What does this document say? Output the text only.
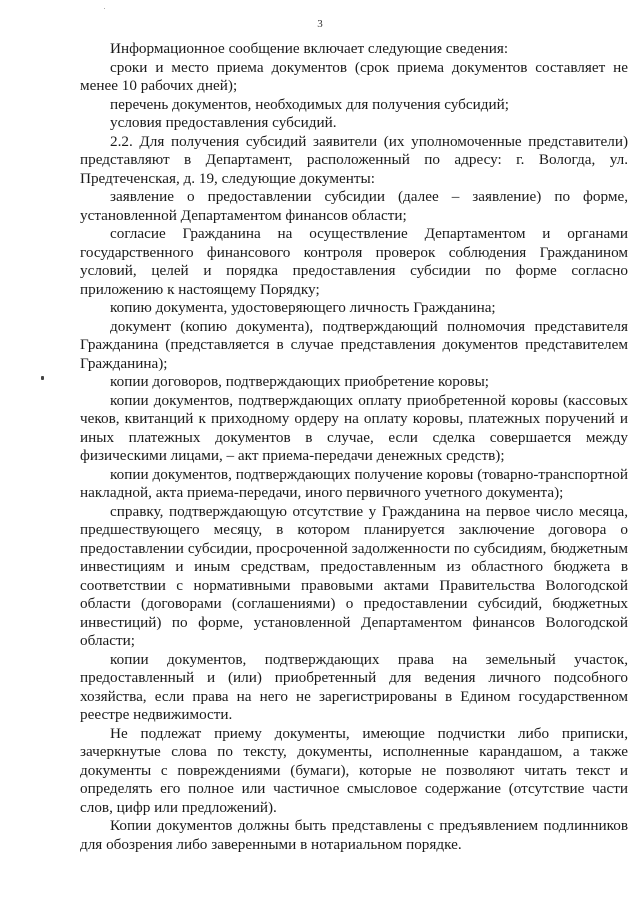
3

Информационное сообщение включает следующие сведения:

сроки и место приема документов (срок приема документов составляет не менее 10 рабочих дней);

перечень документов, необходимых для получения субсидий;

условия предоставления субсидий.

2.2. Для получения субсидий заявители (их уполномоченные представители) представляют в Департамент, расположенный по адресу: г. Вологда, ул. Предтеченская, д. 19, следующие документы:

заявление о предоставлении субсидии (далее – заявление) по форме, установленной Департаментом финансов области;

согласие Гражданина на осуществление Департаментом и органами государственного финансового контроля проверок соблюдения Гражданином условий, целей и порядка предоставления субсидии по форме согласно приложению к настоящему Порядку;

копию документа, удостоверяющего личность Гражданина;

документ (копию документа), подтверждающий полномочия представителя Гражданина (представляется в случае представления документов представителем Гражданина);

копии договоров, подтверждающих приобретение коровы;

копии документов, подтверждающих оплату приобретенной коровы (кассовых чеков, квитанций к приходному ордеру на оплату коровы, платежных поручений и иных платежных документов в случае, если сделка совершается между физическими лицами, – акт приема-передачи денежных средств);

копии документов, подтверждающих получение коровы (товарно-транспортной накладной, акта приема-передачи, иного первичного учетного документа);

справку, подтверждающую отсутствие у Гражданина на первое число месяца, предшествующего месяцу, в котором планируется заключение договора о предоставлении субсидии, просроченной задолженности по субсидиям, бюджетным инвестициям и иным средствам, предоставленным из областного бюджета в соответствии с нормативными правовыми актами Правительства Вологодской области (договорами (соглашениями) о предоставлении субсидий, бюджетных инвестиций) по форме, установленной Департаментом финансов Вологодской области;

копии документов, подтверждающих права на земельный участок, предоставленный и (или) приобретенный для ведения личного подсобного хозяйства, если права на него не зарегистрированы в Едином государственном реестре недвижимости.

Не подлежат приему документы, имеющие подчистки либо приписки, зачеркнутые слова по тексту, документы, исполненные карандашом, а также документы с повреждениями (бумаги), которые не позволяют читать текст и определять его полное или частичное смысловое содержание (отсутствие части слов, цифр или предложений).

Копии документов должны быть представлены с предъявлением подлинников для обозрения либо заверенными в нотариальном порядке.
